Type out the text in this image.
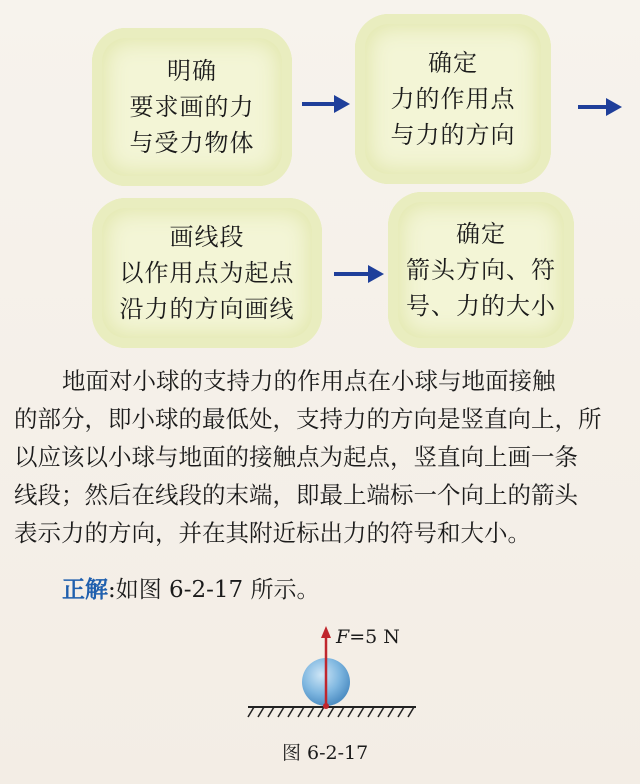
明确
要求画的力
与受力物体
确定
力的作用点
与力的方向
画线段
以作用点为起点
沿力的方向画线
确定
箭头方向、符
号、力的大小
地面对小球的支持力的作用点在小球与地面接触
的部分，即小球的最低处，支持力的方向是竖直向上，所
以应该以小球与地面的接触点为起点，竖直向上画一条
线段；然后在线段的末端，即最上端标一个向上的箭头
表示力的方向，并在其附近标出力的符号和大小。
正解:如图 6-2-17 所示。
F=5 N
图 6-2-17
